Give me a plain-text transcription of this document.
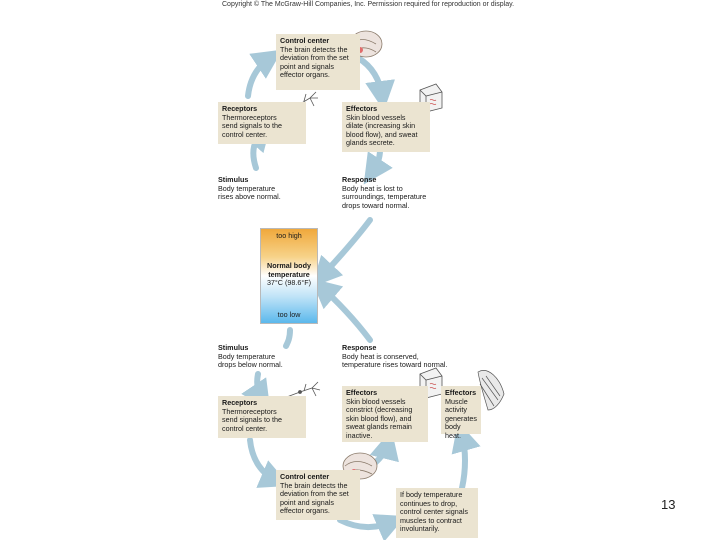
Copyright © The McGraw-Hill Companies, Inc. Permission required for reproduction or display.
Control center
The brain detects the
deviation from the set
point and signals
effector organs.
Receptors
Thermoreceptors
send signals to the
control center.
Effectors
Skin blood vessels
dilate (increasing skin
blood flow), and sweat
glands secrete.
Stimulus
Body temperature
rises above normal.
Response
Body heat is lost to
surroundings, temperature
drops toward normal.
too high
Normal body
temperature
37°C (98.6°F)
too low
Stimulus
Body temperature
drops below normal.
Response
Body heat is conserved,
temperature rises toward normal.
Receptors
Thermoreceptors
send signals to the
control center.
Effectors
Skin blood vessels
constrict (decreasing
skin blood flow), and
sweat glands remain
inactive.
Effectors
Muscle
activity
generates
body heat.
Control center
The brain detects the
deviation from the set
point and signals
effector organs.
If body temperature
continues to drop,
control center signals
muscles to contract
involuntarily.
13
